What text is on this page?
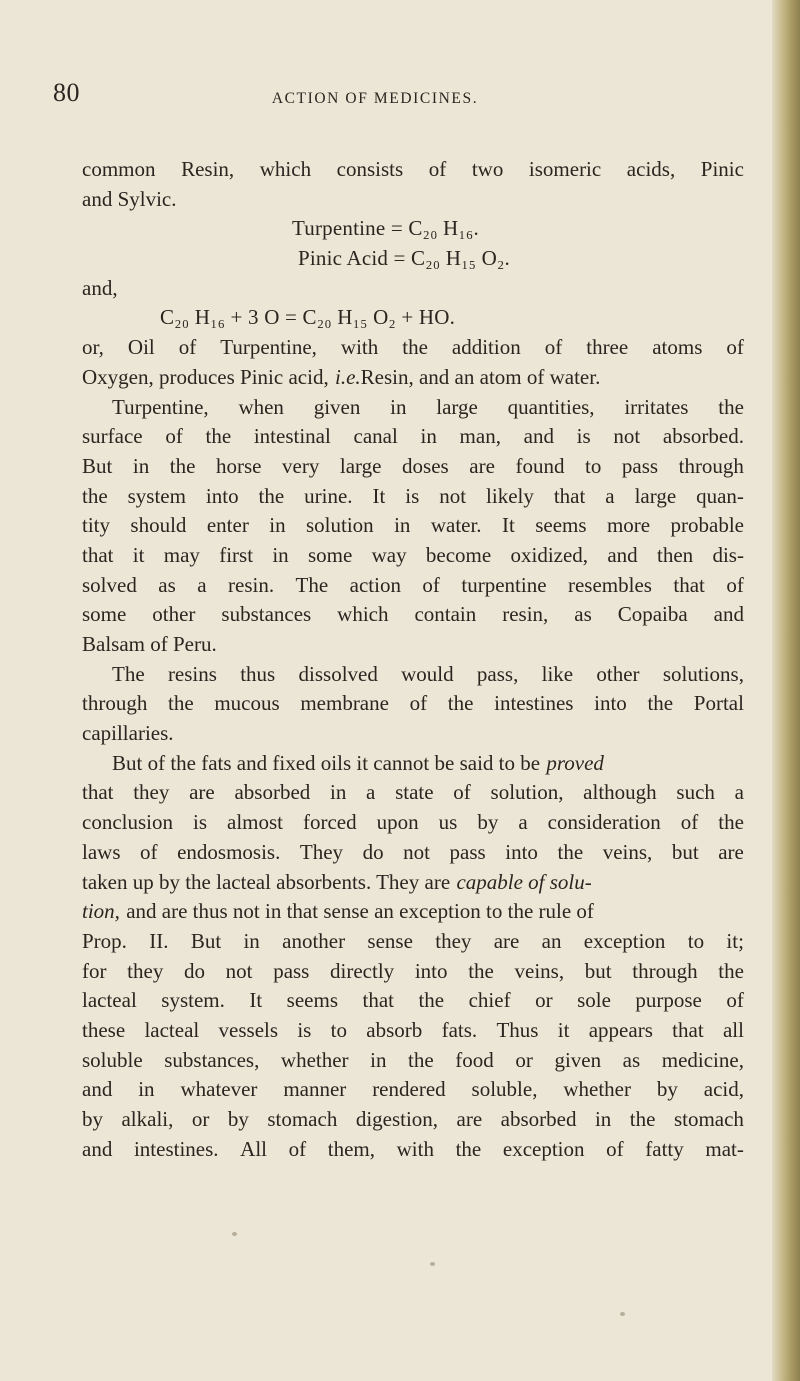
80	ACTION OF MEDICINES.
common Resin, which consists of two isomeric acids, Pinic
and Sylvic.
Turpentine = C₂₀ H₁₆.
Pinic Acid = C₂₀ H₁₅ O₂.
and,
C₂₀ H₁₆ + 3 O = C₂₀ H₁₅ O₂ + HO.
or, Oil of Turpentine, with the addition of three atoms of
Oxygen, produces Pinic acid, i.e. Resin, and an atom of water.
Turpentine, when given in large quantities, irritates the
surface of the intestinal canal in man, and is not absorbed.
But in the horse very large doses are found to pass through
the system into the urine. It is not likely that a large quan-
tity should enter in solution in water. It seems more probable
that it may first in some way become oxidized, and then dis-
solved as a resin. The action of turpentine resembles that of
some other substances which contain resin, as Copaiba and
Balsam of Peru.
The resins thus dissolved would pass, like other solutions,
through the mucous membrane of the intestines into the Portal
capillaries.
But of the fats and fixed oils it cannot be said to be proved
that they are absorbed in a state of solution, although such a
conclusion is almost forced upon us by a consideration of the
laws of endosmosis. They do not pass into the veins, but are
taken up by the lacteal absorbents. They are capable of solu-
tion, and are thus not in that sense an exception to the rule of
Prop. II. But in another sense they are an exception to it;
for they do not pass directly into the veins, but through the
lacteal system. It seems that the chief or sole purpose of
these lacteal vessels is to absorb fats. Thus it appears that all
soluble substances, whether in the food or given as medicine,
and in whatever manner rendered soluble, whether by acid,
by alkali, or by stomach digestion, are absorbed in the stomach
and intestines. All of them, with the exception of fatty mat-
